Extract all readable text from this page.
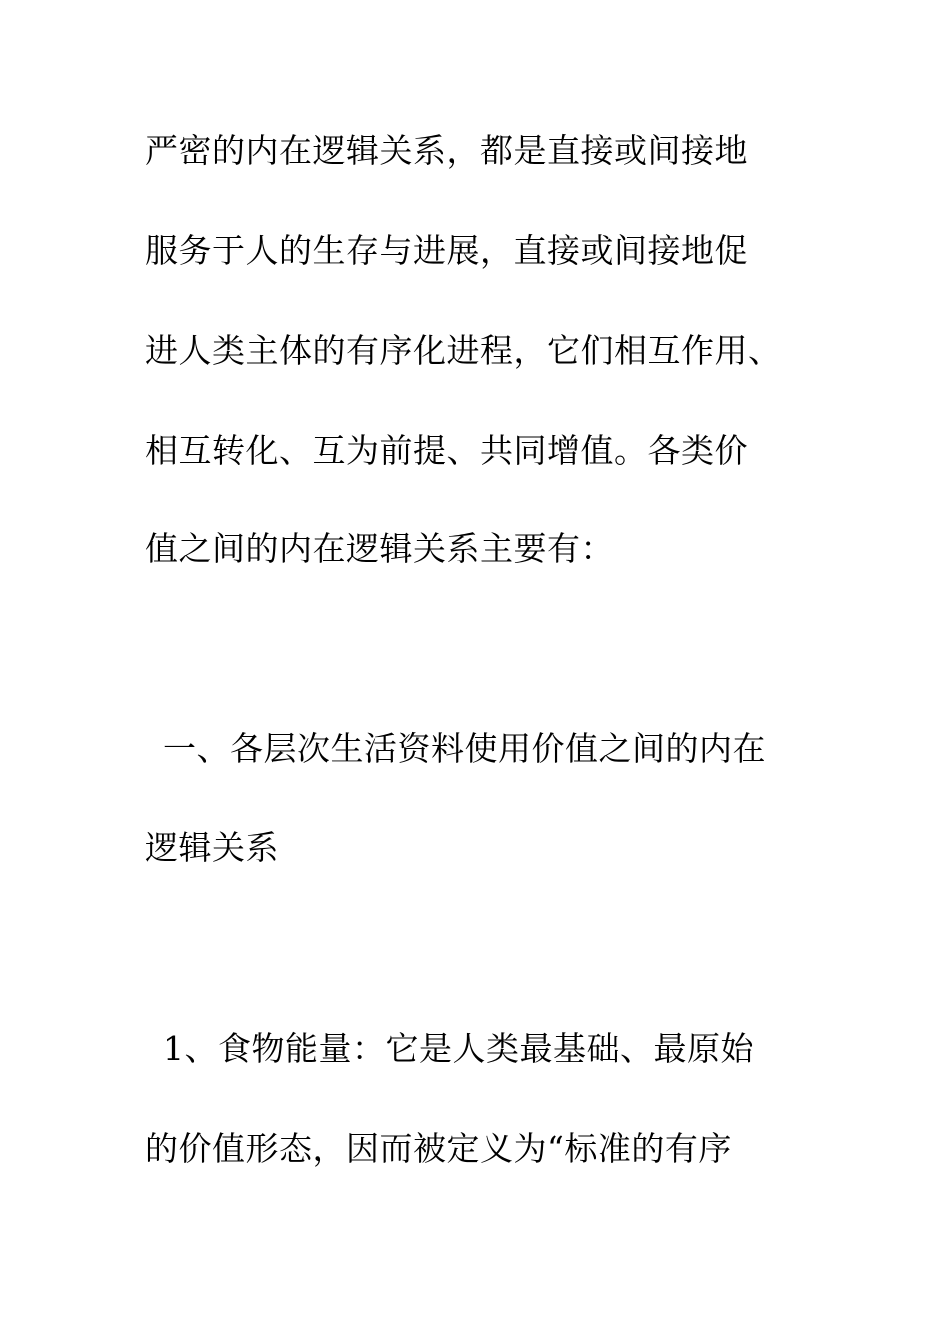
严密的内在逻辑关系，都是直接或间接地
服务于人的生存与进展，直接或间接地促
进人类主体的有序化进程，它们相互作用、
相互转化、互为前提、共同增值。各类价
值之间的内在逻辑关系主要有：
一、各层次生活资料使用价值之间的内在
逻辑关系
1、食物能量：它是人类最基础、最原始
的价值形态，因而被定义为“标准的有序
